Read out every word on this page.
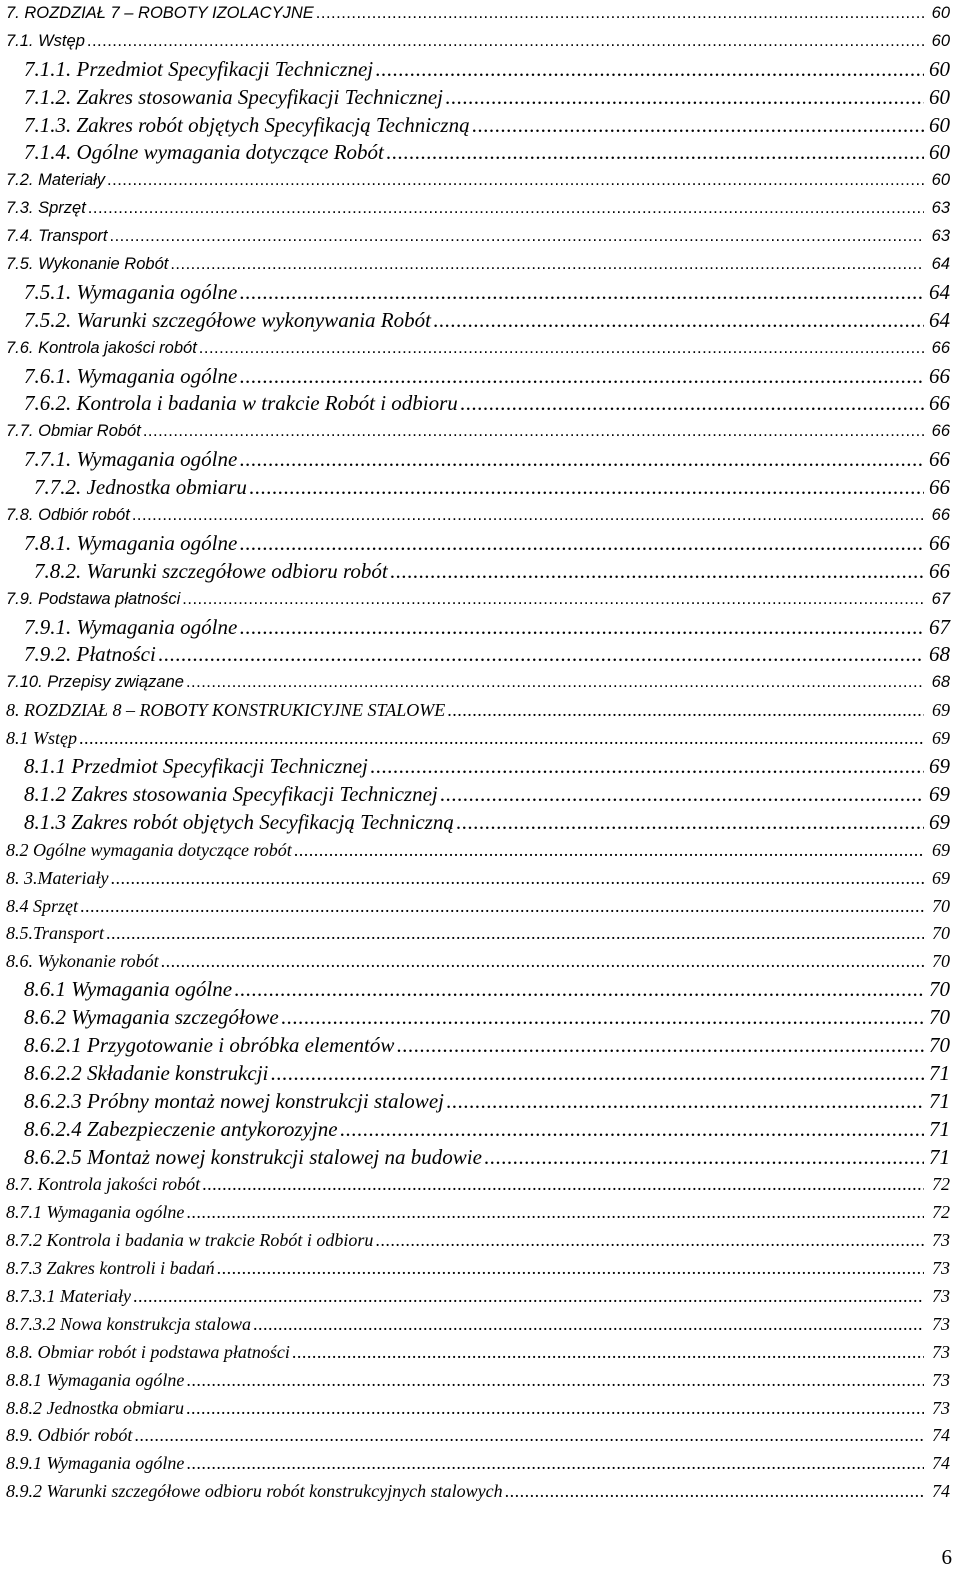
7. ROZDZIAŁ 7 – ROBOTY IZOLACYJNE .....	60
7.1. Wstęp .....	60
7.1.1. Przedmiot Specyfikacji Technicznej .....	60
7.1.2. Zakres stosowania Specyfikacji Technicznej .....	60
7.1.3. Zakres robót objętych Specyfikacją Techniczną .....	60
7.1.4. Ogólne wymagania dotyczące Robót .....	60
7.2. Materiały .....	60
7.3. Sprzęt .....	63
7.4. Transport .....	63
7.5. Wykonanie Robót .....	64
7.5.1. Wymagania ogólne .....	64
7.5.2. Warunki szczegółowe wykonywania Robót .....	64
7.6. Kontrola jakości robót .....	66
7.6.1. Wymagania ogólne .....	66
7.6.2. Kontrola i badania w trakcie Robót i odbioru .....	66
7.7. Obmiar Robót .....	66
7.7.1. Wymagania ogólne .....	66
7.7.2. Jednostka obmiaru .....	66
7.8. Odbiór robót .....	66
7.8.1. Wymagania ogólne .....	66
7.8.2. Warunki szczegółowe odbioru robót .....	66
7.9. Podstawa płatności .....	67
7.9.1. Wymagania ogólne .....	67
7.9.2. Płatności .....	68
7.10. Przepisy związane .....	68
8. ROZDZIAŁ 8 – ROBOTY KONSTRUKICYJNE STALOWE .....	69
8.1 Wstęp .....	69
8.1.1 Przedmiot Specyfikacji Technicznej .....	69
8.1.2 Zakres stosowania Specyfikacji Technicznej .....	69
8.1.3 Zakres robót objętych Secyfikacją Techniczną .....	69
8.2 Ogólne wymagania dotyczące robót .....	69
8. 3.Materiały .....	69
8.4 Sprzęt .....	70
8.5.Transport .....	70
8.6. Wykonanie robót .....	70
8.6.1 Wymagania ogólne .....	70
8.6.2 Wymagania szczegółowe .....	70
8.6.2.1 Przygotowanie i obróbka elementów .....	70
8.6.2.2 Składanie konstrukcji .....	71
8.6.2.3 Próbny montaż nowej konstrukcji stalowej .....	71
8.6.2.4 Zabezpieczenie antykorozyjne .....	71
8.6.2.5 Montaż nowej konstrukcji stalowej na budowie .....	71
8.7. Kontrola jakości robót .....	72
8.7.1 Wymagania ogólne .....	72
8.7.2 Kontrola i badania w trakcie Robót i odbioru .....	73
8.7.3 Zakres kontroli i badań .....	73
8.7.3.1 Materiały .....	73
8.7.3.2 Nowa konstrukcja stalowa .....	73
8.8. Obmiar robót i podstawa płatności .....	73
8.8.1 Wymagania ogólne .....	73
8.8.2 Jednostka obmiaru .....	73
8.9. Odbiór robót .....	74
8.9.1 Wymagania ogólne .....	74
8.9.2 Warunki szczegółowe odbioru robót konstrukcyjnych stalowych .....	74
6
